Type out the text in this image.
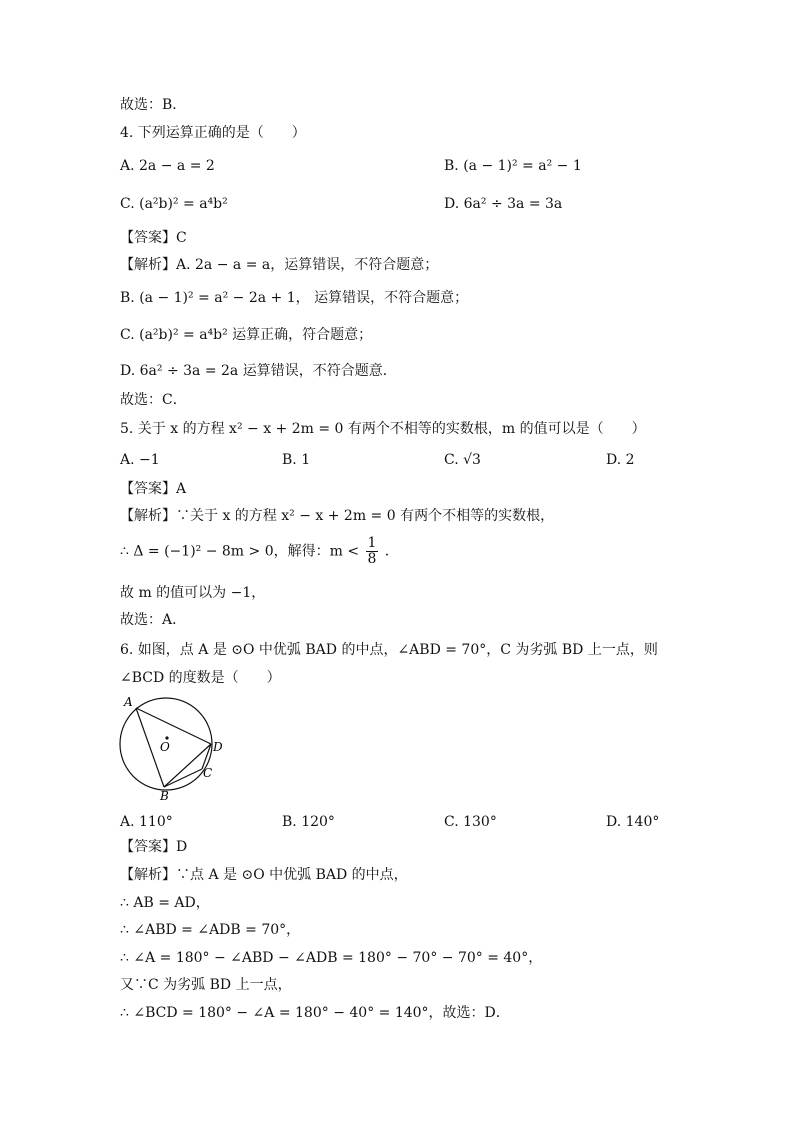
故选：B．
4. 下列运算正确的是（　　）
A. 2a − a = 2	B. (a − 1)² = a² − 1
C. (a²b)² = a⁴b²	D. 6a² ÷ 3a = 3a
【答案】C
【解析】A. 2a − a = a，运算错误，不符合题意；
B. (a − 1)² = a² − 2a + 1， 运算错误，不符合题意；
C. (a²b)² = a⁴b² 运算正确，符合题意；
D. 6a² ÷ 3a = 2a 运算错误，不符合题意．
故选：C．
5. 关于 x 的方程 x² − x + 2m = 0 有两个不相等的实数根，m 的值可以是（　　）
A. −1	B. 1	C. √3	D. 2
【答案】A
【解析】∵关于 x 的方程 x² − x + 2m = 0 有两个不相等的实数根，
∴ Δ = (−1)² − 8m > 0，解得：$m < \frac{1}{8}$ ．
故 m 的值可以为 −1，
故选：A．
6. 如图，点 A 是 ⊙O 中优弧 BAD 的中点，∠ABD = 70°，C 为劣弧 BD 上一点，则
∠BCD 的度数是（　　）
A
B
C
D
O
A. 110°	B. 120°	C. 130°	D. 140°
【答案】D
【解析】∵点 A 是 ⊙O 中优弧 BAD 的中点，
∴ AB = AD，
∴ ∠ABD = ∠ADB = 70°，
∴ ∠A = 180° − ∠ABD − ∠ADB = 180° − 70° − 70° = 40°，
又∵C 为劣弧 BD 上一点，
∴ ∠BCD = 180° − ∠A = 180° − 40° = 140°，故选：D．
